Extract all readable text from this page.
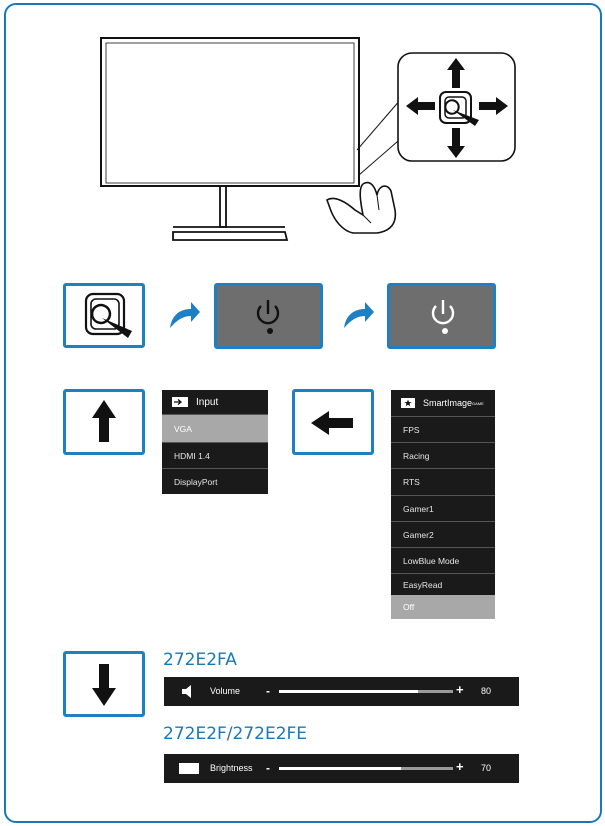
Input
VGA
HDMI 1.4
DisplayPort
SmartImage GAME
FPS
Racing
RTS
Gamer1
Gamer2
LowBlue Mode
EasyRead
Off
272E2FA
Volume -	+ 80
272E2F/272E2FE
Brightness -	+ 70
